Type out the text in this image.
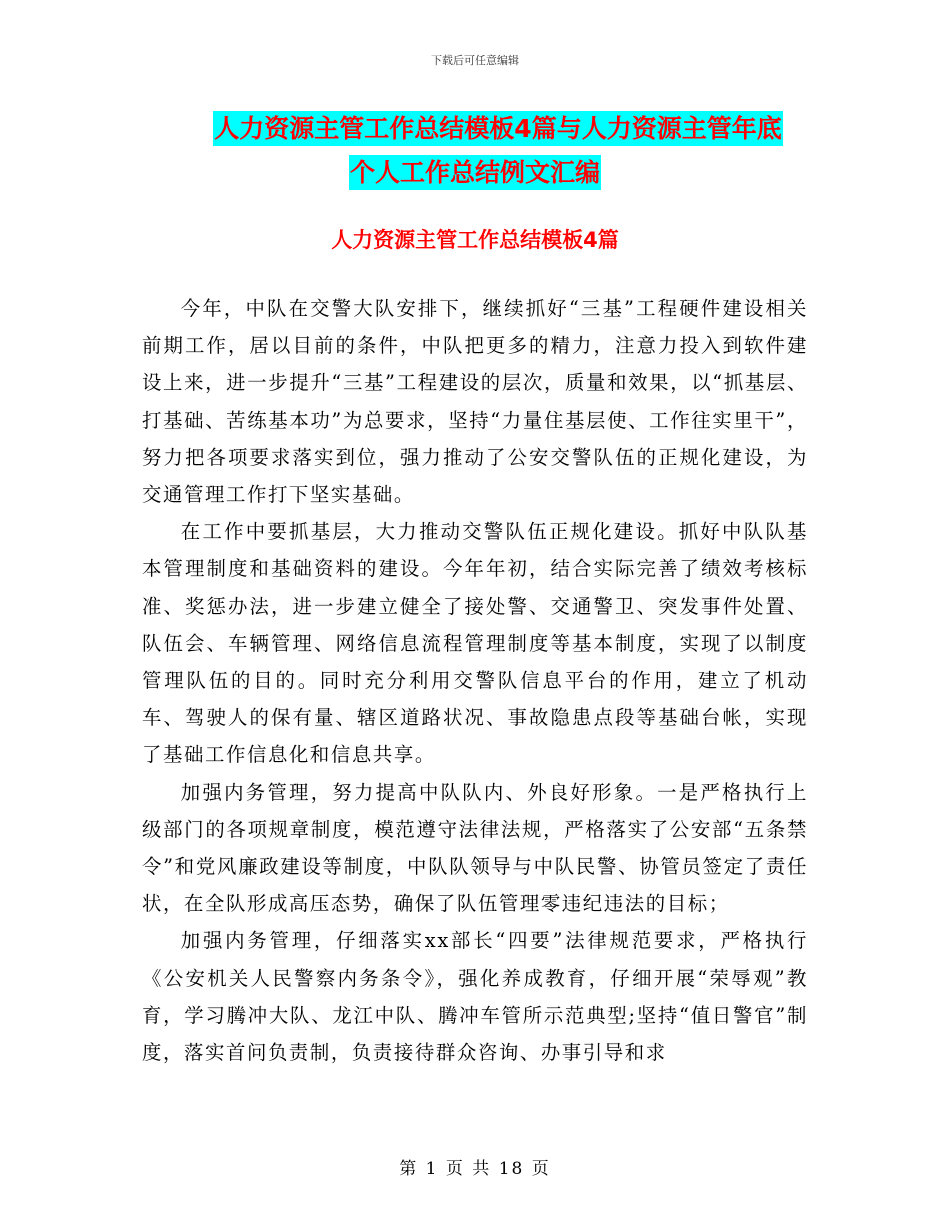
下载后可任意编辑
人力资源主管工作总结模板4篇与人力资源主管年底
个人工作总结例文汇编
人力资源主管工作总结模板4篇

今年，中队在交警大队安排下，继续抓好“三基”工程硬件建设相关前期工作，居以目前的条件，中队把更多的精力，注意力投入到软件建设上来，进一步提升“三基”工程建设的层次，质量和效果，以“抓基层、打基础、苦练基本功”为总要求，坚持“力量住基层使、工作往实里干”，努力把各项要求落实到位，强力推动了公安交警队伍的正规化建设，为交通管理工作打下坚实基础。

在工作中要抓基层，大力推动交警队伍正规化建设。抓好中队队基本管理制度和基础资料的建设。今年年初，结合实际完善了绩效考核标准、奖惩办法，进一步建立健全了接处警、交通警卫、突发事件处置、队伍会、车辆管理、网络信息流程管理制度等基本制度，实现了以制度管理队伍的目的。同时充分利用交警队信息平台的作用，建立了机动车、驾驶人的保有量、辖区道路状况、事故隐患点段等基础台帐，实现了基础工作信息化和信息共享。

加强内务管理，努力提高中队队内、外良好形象。一是严格执行上级部门的各项规章制度，模范遵守法律法规，严格落实了公安部“五条禁令”和党风廉政建设等制度，中队队领导与中队民警、协管员签定了责任状，在全队形成高压态势，确保了队伍管理零违纪违法的目标；

加强内务管理，仔细落实xx部长“四要”法律规范要求，严格执行《公安机关人民警察内务条令》，强化养成教育，仔细开展“荣辱观”教育，学习腾冲大队、龙江中队、腾冲车管所示范典型;坚持“值日警官”制度，落实首问负责制，负责接待群众咨询、办事引导和求

第 1 页 共 18 页
